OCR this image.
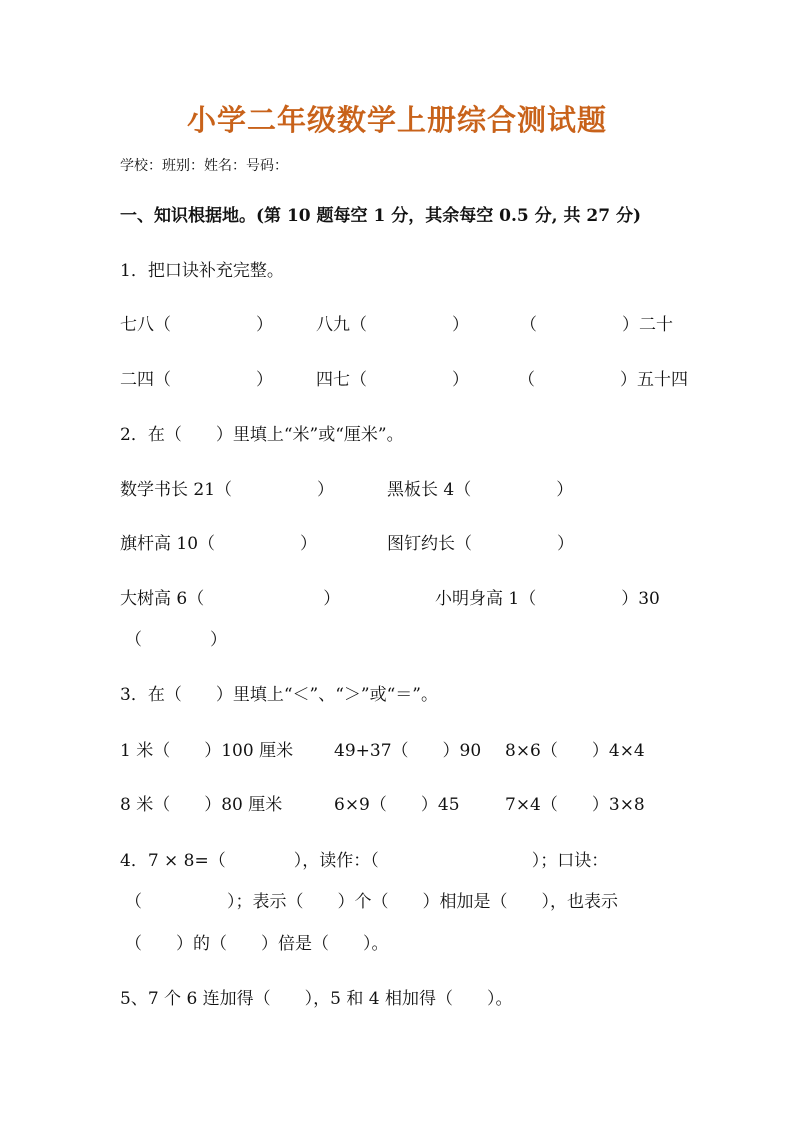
小学二年级数学上册综合测试题
学校：班别：姓名：号码：
一、知识根据地。(第 10 题每空 1 分，其余每空 0.5 分, 共 27 分)
1．把口诀补充完整。
七八（　　　　　）	八九（　　　　　）	（　　　　　）二十
二四（　　　　　）	四七（　　　　　）	（　　　　　）五十四
2．在（　　）里填上“米”或“厘米”。
数学书长 21（　　　　　）	黑板长 4（　　　　　）
旗杆高 10（　　　　　）	图钉约长（　　　　　）
大树高 6（　　　　　　　）	小明身高 1（　　　　　）30
（　　　　）
3．在（　　）里填上“＜”、“＞”或“＝”。
1 米（　　）100 厘米 49+37（　　）90 8×6（　　）4×4
8 米（　　）80 厘米	6×9（　　）45	7×4（　　）3×8
4．7 × 8=（　　　　），读作：（　　　　　　　　　）；口诀：
（　　　　　）；表示（　　）个（　　）相加是（　　），也表示
（　　）的（　　）倍是（　　）。
5、7 个 6 连加得（　　），5 和 4 相加得（　　）。
